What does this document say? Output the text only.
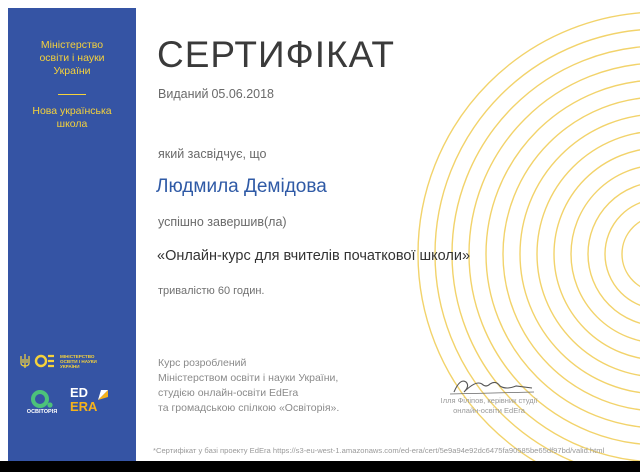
Міністерство
освіти і науки
України
Нова українська
школа
МІНІСТЕРСТВО
ОСВІТИ І НАУКИ
УКРАЇНИ
ОСВІТОРІЯ
ED
ERA
СЕРТИФІКАТ
Виданий 05.06.2018
який засвідчує, що
Людмила Демідова
успішно завершив(ла)
«Онлайн-курс для вчителів початкової школи»
тривалістю 60 годин.
Курс розроблений
Міністерством освіти і науки України,
студією онлайн-освіти EdEra
та громадською спілкою «Освіторія».
Ілля Філіпов, керівник студії
онлайн-освіти EdEra
*Сертифікат у базі проекту EdEra https://s3-eu-west-1.amazonaws.com/ed-era/cert/5e9a94e92dc6475fa90585be65df97bd/valid.html
